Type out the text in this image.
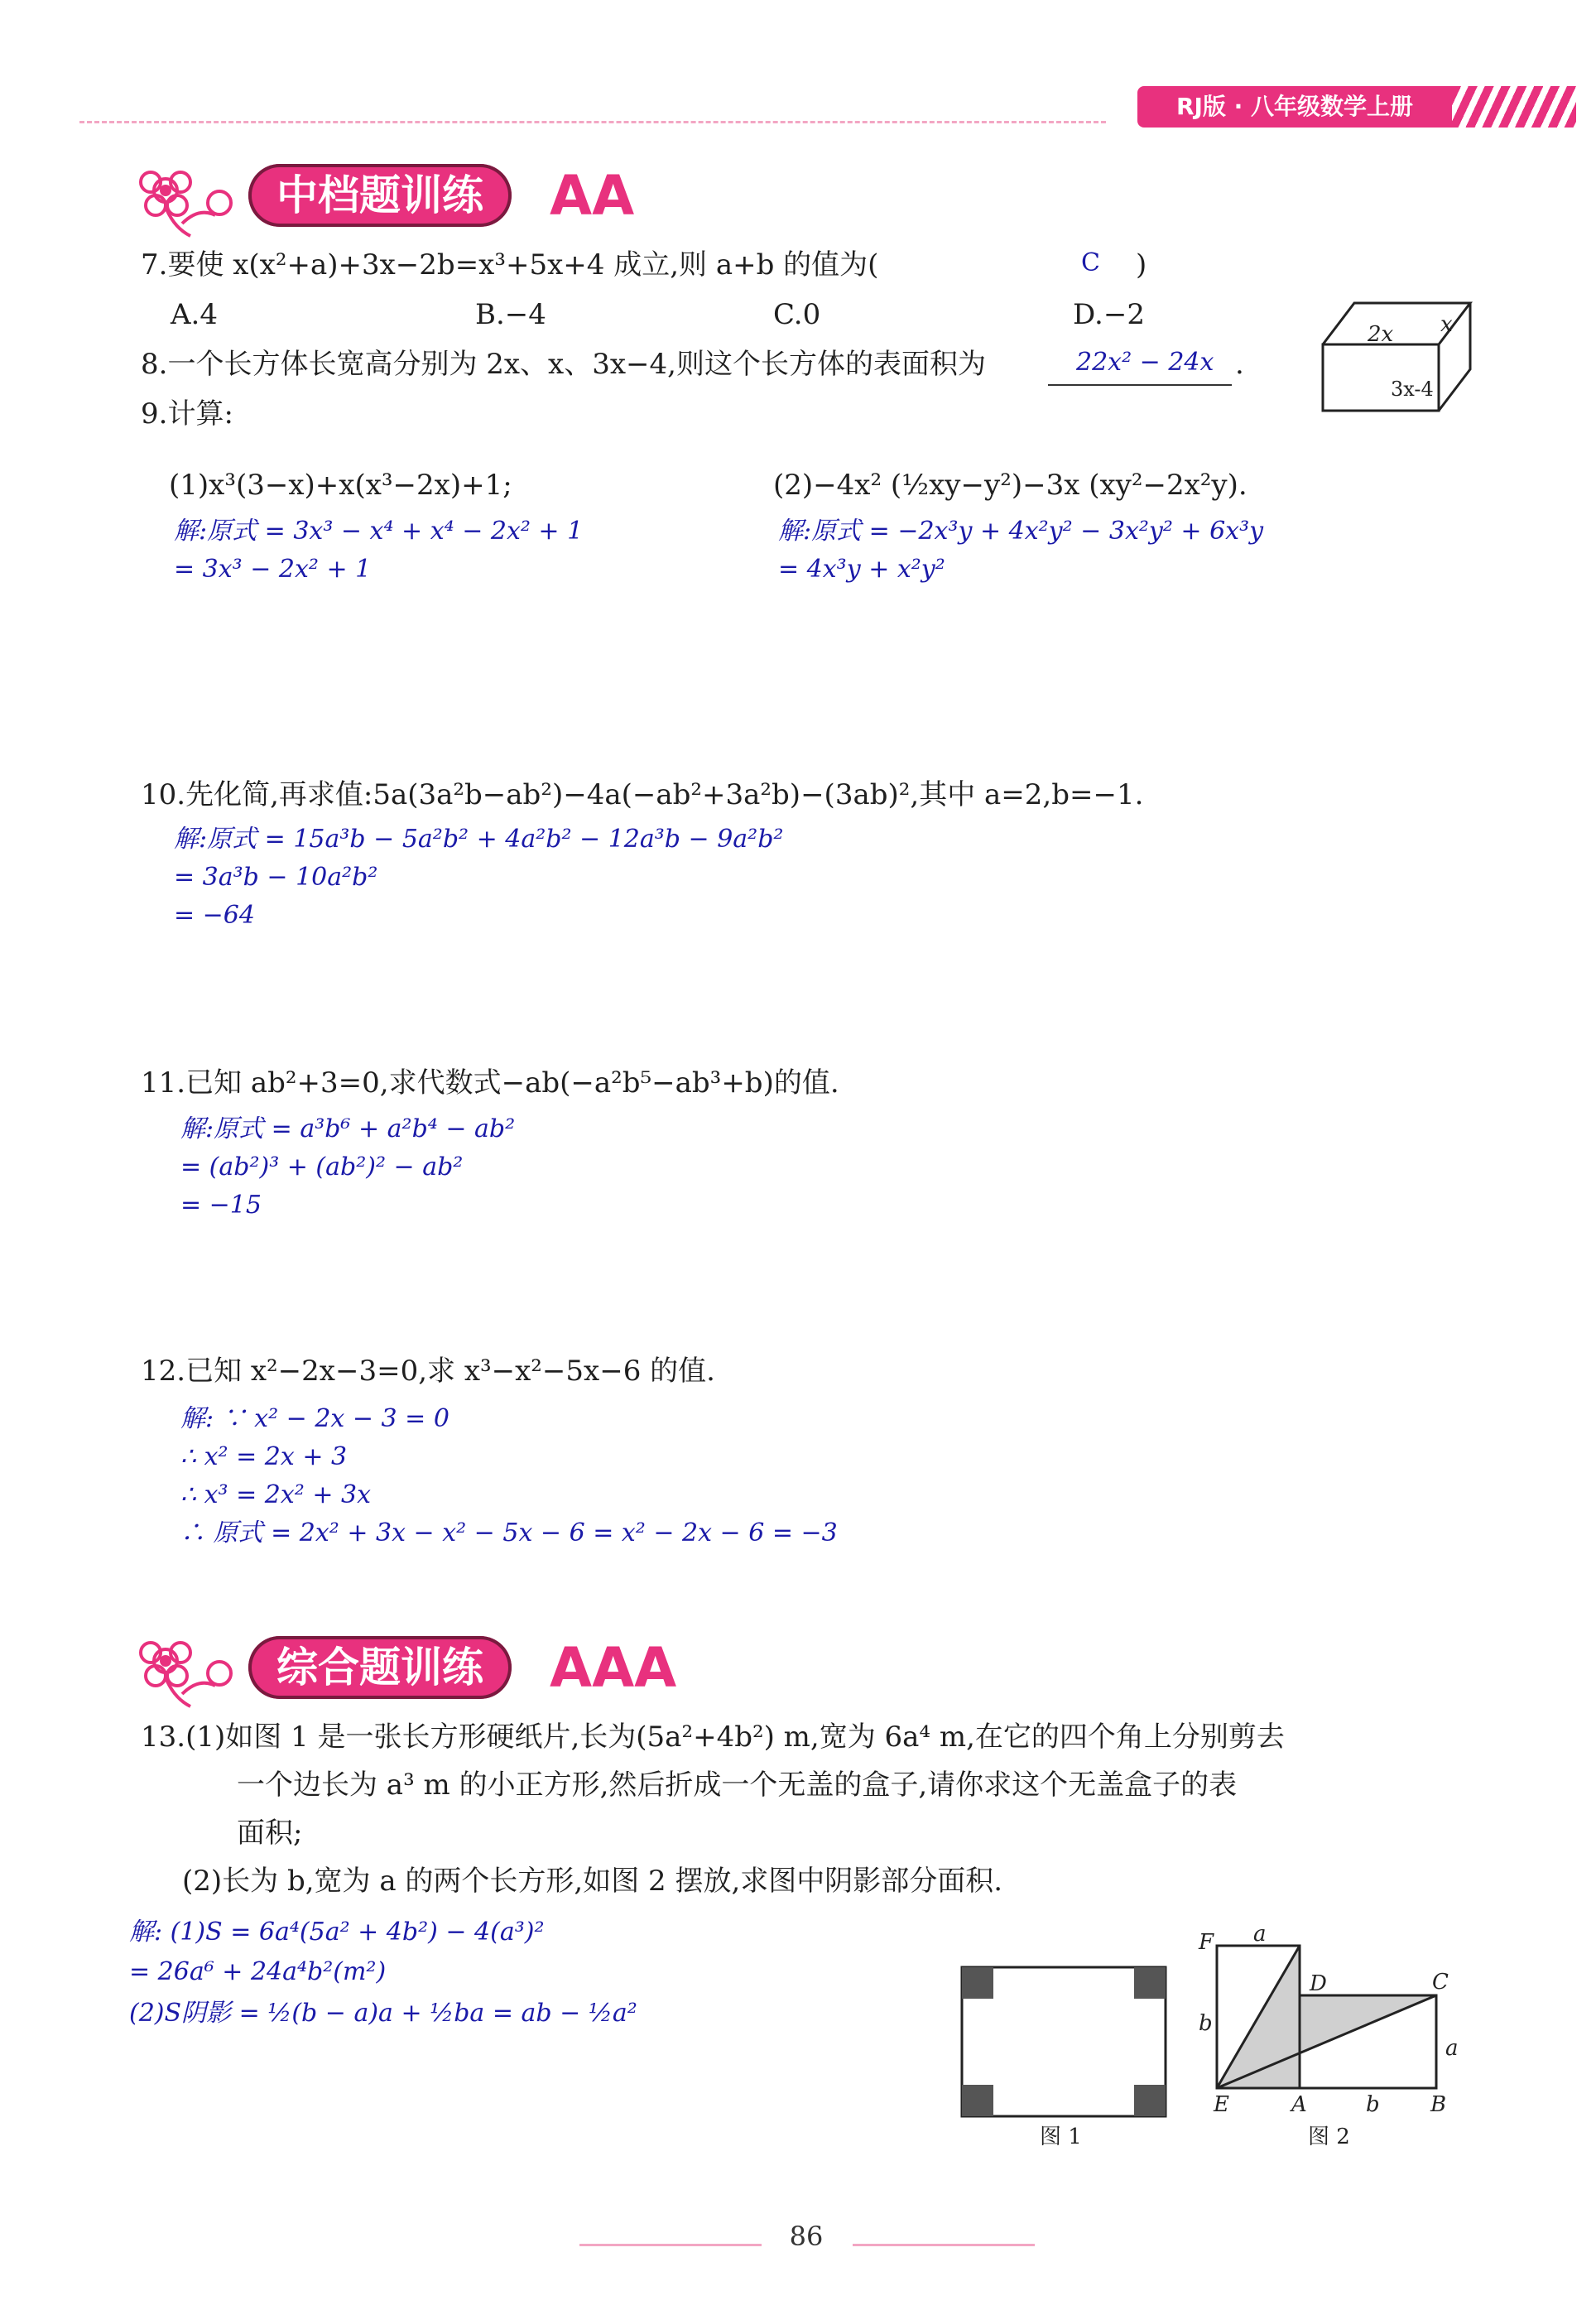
RJ版 · 八年级数学上册
中档题训练	AA
7.要使 x(x²+a)+3x−2b=x³+5x+4 成立,则 a+b 的值为(	C )
A.4	B.−4	C.0	D.−2
8.一个长方体长宽高分别为 2x、x、3x−4,则这个长方体的表面积为	22x² − 24x .
2x x
3x-4
9.计算:
(1)x³(3−x)+x(x³−2x)+1;
解:原式 = 3x³ − x⁴ + x⁴ − 2x² + 1
= 3x³ − 2x² + 1
(2)−4x² (½xy−y²)−3x (xy²−2x²y).
解:原式 = −2x³y + 4x²y² − 3x²y² + 6x³y
= 4x³y + x²y²
10.先化简,再求值:5a(3a²b−ab²)−4a(−ab²+3a²b)−(3ab)²,其中 a=2,b=−1.
解:原式 = 15a³b − 5a²b² + 4a²b² − 12a³b − 9a²b²
= 3a³b − 10a²b²
= −64
11.已知 ab²+3=0,求代数式−ab(−a²b⁵−ab³+b)的值.
解:原式 = a³b⁶ + a²b⁴ − ab²
= (ab²)³ + (ab²)² − ab²
= −15
12.已知 x²−2x−3=0,求 x³−x²−5x−6 的值.
解: ∵ x² − 2x − 3 = 0
∴ x² = 2x + 3
∴ x³ = 2x² + 3x
∴ 原式 = 2x² + 3x − x² − 5x − 6 = x² − 2x − 6 = −3
综合题训练	AAA
13.(1)如图 1 是一张长方形硬纸片,长为(5a²+4b²) m,宽为 6a⁴ m,在它的四个角上分别剪去
一个边长为 a³ m 的小正方形,然后折成一个无盖的盒子,请你求这个无盖盒子的表
面积;
(2)长为 b,宽为 a 的两个长方形,如图 2 摆放,求图中阴影部分面积.
解: (1)S = 6a⁴(5a² + 4b²) − 4(a³)²
= 26a⁶ + 24a⁴b²(m²)
(2)S阴影 = ½(b − a)a + ½ba = ab − ½a²
图 1
F a
D	C
b
a
E	A	b B
图 2
86
